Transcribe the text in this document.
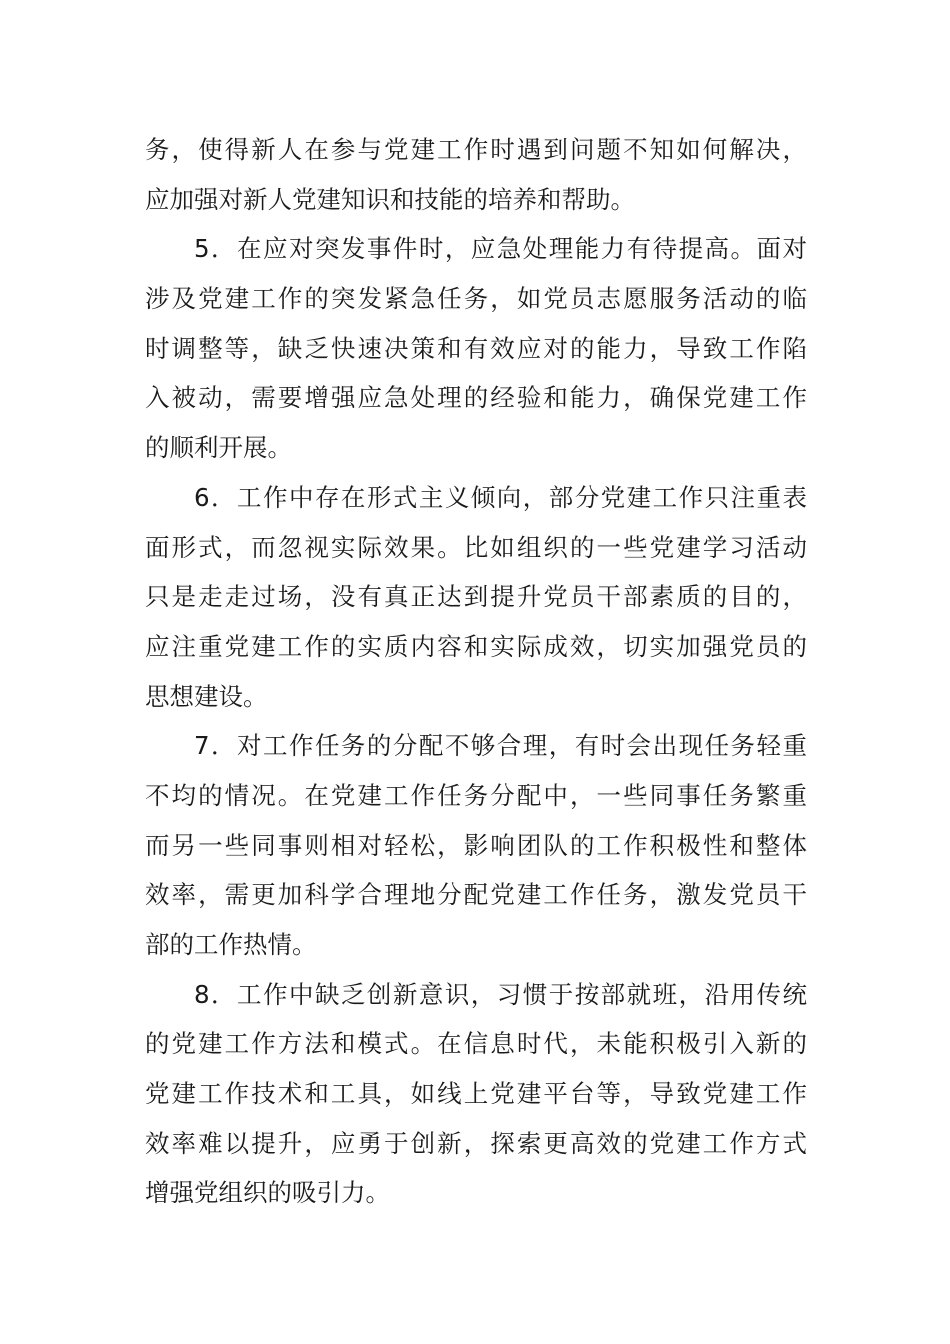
务，使得新人在参与党建工作时遇到问题不知如何解决，
应加强对新人党建知识和技能的培养和帮助。
5．在应对突发事件时，应急处理能力有待提高。面对
涉及党建工作的突发紧急任务，如党员志愿服务活动的临
时调整等，缺乏快速决策和有效应对的能力，导致工作陷
入被动，需要增强应急处理的经验和能力，确保党建工作
的顺利开展。
6．工作中存在形式主义倾向，部分党建工作只注重表
面形式，而忽视实际效果。比如组织的一些党建学习活动
只是走走过场，没有真正达到提升党员干部素质的目的，
应注重党建工作的实质内容和实际成效，切实加强党员的
思想建设。
7．对工作任务的分配不够合理，有时会出现任务轻重
不均的情况。在党建工作任务分配中，一些同事任务繁重
而另一些同事则相对轻松，影响团队的工作积极性和整体
效率，需更加科学合理地分配党建工作任务，激发党员干
部的工作热情。
8．工作中缺乏创新意识，习惯于按部就班，沿用传统
的党建工作方法和模式。在信息时代，未能积极引入新的
党建工作技术和工具，如线上党建平台等，导致党建工作
效率难以提升，应勇于创新，探索更高效的党建工作方式
增强党组织的吸引力。
